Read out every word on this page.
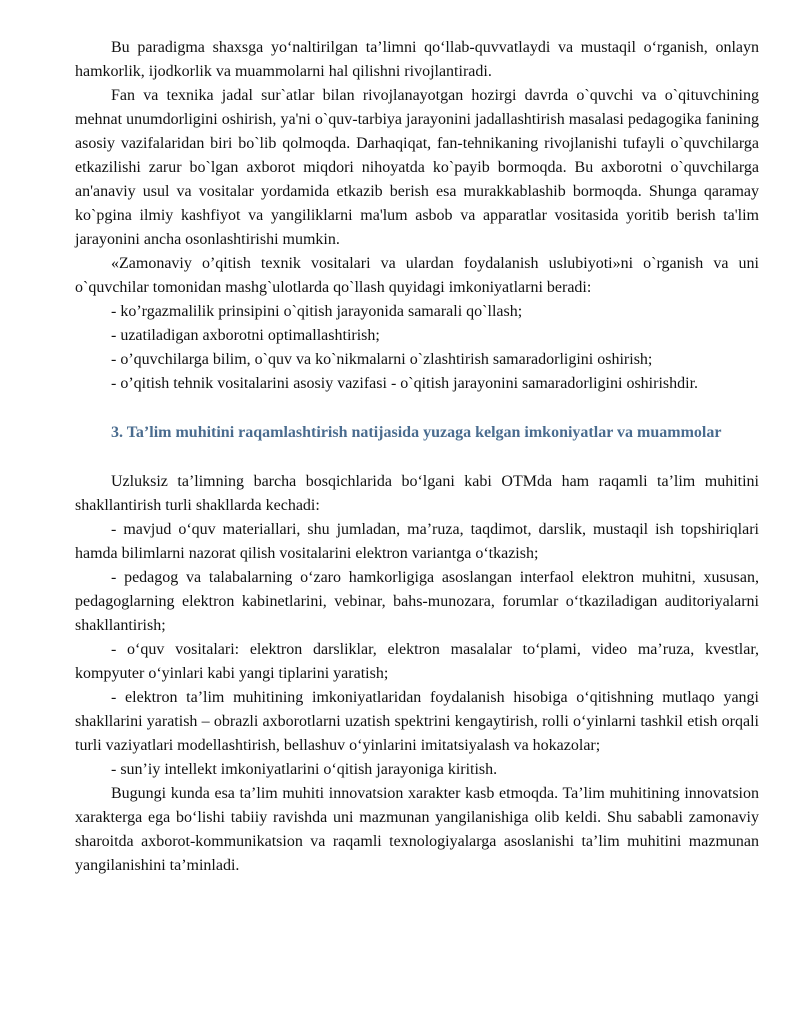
Bu paradigma shaxsga yo‘naltirilgan ta’limni qo‘llab-quvvatlaydi va mustaqil o‘rganish, onlayn hamkorlik, ijodkorlik va muammolarni hal qilishni rivojlantiradi.

Fan va texnika jadal sur`atlar bilan rivojlanayotgan hozirgi davrda o`quvchi va o`qituvchining mehnat unumdorligini oshirish, ya'ni o`quv-tarbiya jarayonini jadallashtirish masalasi pedagogika fanining asosiy vazifalaridan biri bo`lib qolmoqda. Darhaqiqat, fan-tehnikaning rivojlanishi tufayli o`quvchilarga etkazilishi zarur bo`lgan axborot miqdori nihoyatda ko`payib bormoqda. Bu axborotni o`quvchilarga an'anaviy usul va vositalar yordamida etkazib berish esa murakkablashib bormoqda. Shunga qaramay ko`pgina ilmiy kashfiyot va yangiliklarni ma'lum asbob va apparatlar vositasida yoritib berish ta'lim jarayonini ancha osonlashtirishi mumkin.

«Zamonaviy o’qitish texnik vositalari va ulardan foydalanish uslubiyoti»ni o`rganish va uni o`quvchilar tomonidan mashg`ulotlarda qo`llash quyidagi imkoniyatlarni beradi:

- ko’rgazmalilik prinsipini o`qitish jarayonida samarali qo`llash;

- uzatiladigan axborotni optimallashtirish;

- o’quvchilarga bilim, o`quv va ko`nikmalarni o`zlashtirish samaradorligini oshirish;

- o’qitish tehnik vositalarini asosiy vazifasi - o`qitish jarayonini samaradorligini oshirishdir.

3. Ta’lim muhitini raqamlashtirish natijasida yuzaga kelgan imkoniyatlar va muammolar

Uzluksiz ta’limning barcha bosqichlarida bo‘lgani kabi OTMda ham raqamli ta’lim muhitini shakllantirish turli shakllarda kechadi:

- mavjud o‘quv materiallari, shu jumladan, ma’ruza, taqdimot, darslik, mustaqil ish topshiriqlari hamda bilimlarni nazorat qilish vositalarini elektron variantga o‘tkazish;

- pedagog va talabalarning o‘zaro hamkorligiga asoslangan interfaol elektron muhitni, xususan, pedagoglarning elektron kabinetlarini, vebinar, bahs-munozara, forumlar o‘tkaziladigan auditoriyalarni shakllantirish;

- o‘quv vositalari: elektron darsliklar, elektron masalalar to‘plami, video ma’ruza, kvestlar, kompyuter o‘yinlari kabi yangi tiplarini yaratish;

- elektron ta’lim muhitining imkoniyatlaridan foydalanish hisobiga o‘qitishning mutlaqo yangi shakllarini yaratish – obrazli axborotlarni uzatish spektrini kengaytirish, rolli o‘yinlarni tashkil etish orqali turli vaziyatlari modellashtirish, bellashuv o‘yinlarini imitatsiyalash va hokazolar;

- sun’iy intellekt imkoniyatlarini o‘qitish jarayoniga kiritish.

Bugungi kunda esa ta’lim muhiti innovatsion xarakter kasb etmoqda. Ta’lim muhitining innovatsion xarakterga ega bo‘lishi tabiiy ravishda uni mazmunan yangilanishiga olib keldi. Shu sababli zamonaviy sharoitda axborot-kommunikatsion va raqamli texnologiyalarga asoslanishi ta’lim muhitini mazmunan yangilanishini ta’minladi.
